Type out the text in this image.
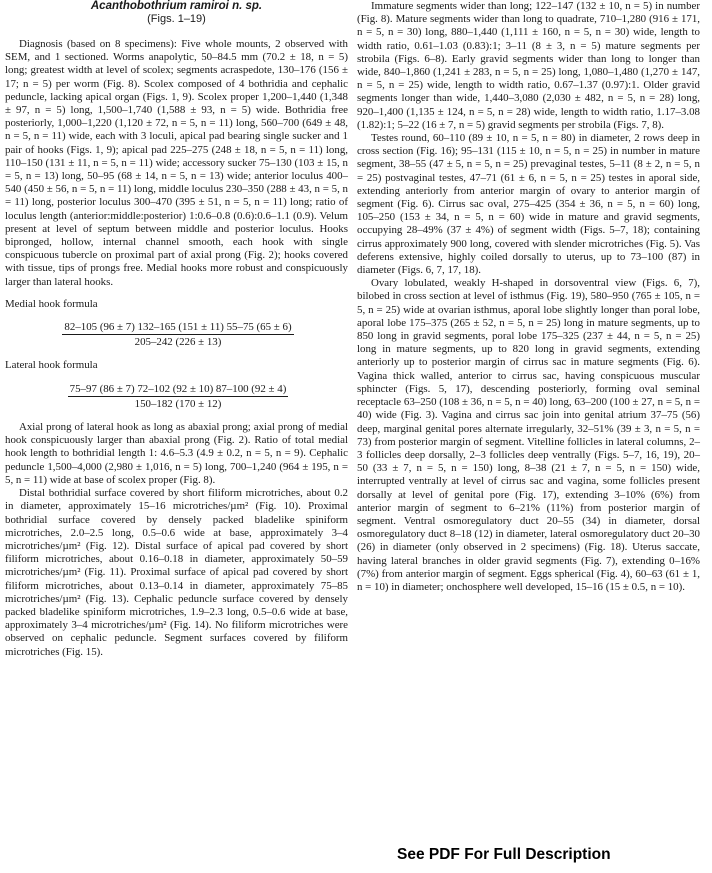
Acanthobothrium ramiroi n. sp.
(Figs. 1–19)

Diagnosis (based on 8 specimens): Five whole mounts, 2 observed with SEM, and 1 sectioned. Worms anapolytic, 50–84.5 mm (70.2 ± 18, n = 5) long; greatest width at level of scolex; segments acraspedote, 130–176 (156 ± 17; n = 5) per worm (Fig. 8). Scolex composed of 4 bothridia and cephalic peduncle, lacking apical organ (Figs. 1, 9). Scolex proper 1,200–1,440 (1,348 ± 97, n = 5) long, 1,500–1,740 (1,588 ± 93, n = 5) wide. Bothridia free posteriorly, 1,000–1,220 (1,120 ± 72, n = 5, n = 11) long, 560–700 (649 ± 48, n = 5, n = 11) wide, each with 3 loculi, apical pad bearing single sucker and 1 pair of hooks (Figs. 1, 9); apical pad 225–275 (248 ± 18, n = 5, n = 11) long, 110–150 (131 ± 11, n = 5, n = 11) wide; accessory sucker 75–130 (103 ± 15, n = 5, n = 13) long, 50–95 (68 ± 14, n = 5, n = 13) wide; anterior loculus 400–540 (450 ± 56, n = 5, n = 11) long, middle loculus 230–350 (288 ± 43, n = 5, n = 11) long, posterior loculus 300–470 (395 ± 51, n = 5, n = 11) long; ratio of loculus length (anterior:middle:posterior) 1:0.6–0.8 (0.6):0.6–1.1 (0.9). Velum present at level of septum between middle and posterior loculus. Hooks bipronged, hollow, internal channel smooth, each hook with single conspicuous tubercle on proximal part of axial prong (Fig. 2); hooks covered with tissue, tips of prongs free. Medial hooks more robust and conspicuously larger than lateral hooks.

Medial hook formula

82–105 (96 ± 7) 132–165 (151 ± 11) 55–75 (65 ± 6)
205–242 (226 ± 13)

Lateral hook formula

75–97 (86 ± 7) 72–102 (92 ± 10) 87–100 (92 ± 4)
150–182 (170 ± 12)

Axial prong of lateral hook as long as abaxial prong; axial prong of medial hook conspicuously larger than abaxial prong (Fig. 2). Ratio of total medial hook length to bothridial length 1: 4.6–5.3 (4.9 ± 0.2, n = 5, n = 9). Cephalic peduncle 1,500–4,000 (2,980 ± 1,016, n = 5) long, 700–1,240 (964 ± 195, n = 5, n = 11) wide at base of scolex proper (Fig. 8).

Distal bothridial surface covered by short filiform microtriches, about 0.2 in diameter, approximately 15–16 microtriches/µm² (Fig. 10). Proximal bothridial surface covered by densely packed bladelike spiniform microtriches, 2.0–2.5 long, 0.5–0.6 wide at base, approximately 3–4 microtriches/µm² (Fig. 12). Distal surface of apical pad covered by short filiform microtriches, about 0.16–0.18 in diameter, approximately 50–59 microtriches/µm² (Fig. 11). Proximal surface of apical pad covered by short filiform microtriches, about 0.13–0.14 in diameter, approximately 75–85 microtriches/µm² (Fig. 13). Cephalic peduncle surface covered by densely packed bladelike spiniform microtriches, 1.9–2.3 long, 0.5–0.6 wide at base, approximately 3–4 microtriches/µm² (Fig. 14). No filiform microtriches were observed on cephalic peduncle. Segment surfaces covered by filiform microtriches (Fig. 15).

Immature segments wider than long; 122–147 (132 ± 10, n = 5) in number (Fig. 8). Mature segments wider than long to quadrate, 710–1,280 (916 ± 171, n = 5, n = 30) long, 880–1,440 (1,111 ± 160, n = 5, n = 30) wide, length to width ratio, 0.61–1.03 (0.83):1; 3–11 (8 ± 3, n = 5) mature segments per strobila (Figs. 6–8). Early gravid segments wider than long to longer than wide, 840–1,860 (1,241 ± 283, n = 5, n = 25) long, 1,080–1,480 (1,270 ± 147, n = 5, n = 25) wide, length to width ratio, 0.67–1.37 (0.97):1. Older gravid segments longer than wide, 1,440–3,080 (2,030 ± 482, n = 5, n = 28) long, 920–1,400 (1,135 ± 124, n = 5, n = 28) wide, length to width ratio, 1.17–3.08 (1.82):1; 5–22 (16 ± 7, n = 5) gravid segments per strobila (Figs. 7, 8).

Testes round, 60–110 (89 ± 10, n = 5, n = 80) in diameter, 2 rows deep in cross section (Fig. 16); 95–131 (115 ± 10, n = 5, n = 25) in number in mature segment, 38–55 (47 ± 5, n = 5, n = 25) prevaginal testes, 5–11 (8 ± 2, n = 5, n = 25) postvaginal testes, 47–71 (61 ± 6, n = 5, n = 25) testes in aporal side, extending anteriorly from anterior margin of ovary to anterior margin of segment (Fig. 6). Cirrus sac oval, 275–425 (354 ± 36, n = 5, n = 60) long, 105–250 (153 ± 34, n = 5, n = 60) wide in mature and gravid segments, occupying 28–49% (37 ± 4%) of segment width (Figs. 5–7, 18); containing cirrus approximately 900 long, covered with slender microtriches (Fig. 5). Vas deferens extensive, highly coiled dorsally to uterus, up to 73–100 (87) in diameter (Figs. 6, 7, 17, 18).

Ovary lobulated, weakly H-shaped in dorsoventral view (Figs. 6, 7), bilobed in cross section at level of isthmus (Fig. 19), 580–950 (765 ± 105, n = 5, n = 25) wide at ovarian isthmus, aporal lobe slightly longer than poral lobe, aporal lobe 175–375 (265 ± 52, n = 5, n = 25) long in mature segments, up to 850 long in gravid segments, poral lobe 175–325 (237 ± 44, n = 5, n = 25) long in mature segments, up to 820 long in gravid segments, extending anteriorly up to posterior margin of cirrus sac in mature segments (Fig. 6). Vagina thick walled, anterior to cirrus sac, having conspicuous muscular sphincter (Figs. 5, 17), descending posteriorly, forming oval seminal receptacle 63–250 (108 ± 36, n = 5, n = 40) long, 63–200 (100 ± 27, n = 5, n = 40) wide (Fig. 3). Vagina and cirrus sac join into genital atrium 37–75 (56) deep, marginal genital pores alternate irregularly, 32–51% (39 ± 3, n = 5, n = 73) from posterior margin of segment. Vitelline follicles in lateral columns, 2–3 follicles deep dorsally, 2–3 follicles deep ventrally (Figs. 5–7, 16, 19), 20–50 (33 ± 7, n = 5, n = 150) long, 8–38 (21 ± 7, n = 5, n = 150) wide, interrupted ventrally at level of cirrus sac and vagina, some follicles present dorsally at level of genital pore (Fig. 17), extending 3–10% (6%) from anterior margin of segment to 6–21% (11%) from posterior margin of segment. Ventral osmoregulatory duct 20–55 (34) in diameter, dorsal osmoregulatory duct 8–18 (12) in diameter, lateral osmoregulatory duct 20–30 (26) in diameter (only observed in 2 specimens) (Fig. 18). Uterus saccate, having lateral branches in older gravid segments (Fig. 7), extending 0–16% (7%) from anterior margin of segment. Eggs spherical (Fig. 4), 60–63 (61 ± 1, n = 10) in diameter; onchosphere well developed, 15–16 (15 ± 0.5, n = 10).

See PDF For Full Description
